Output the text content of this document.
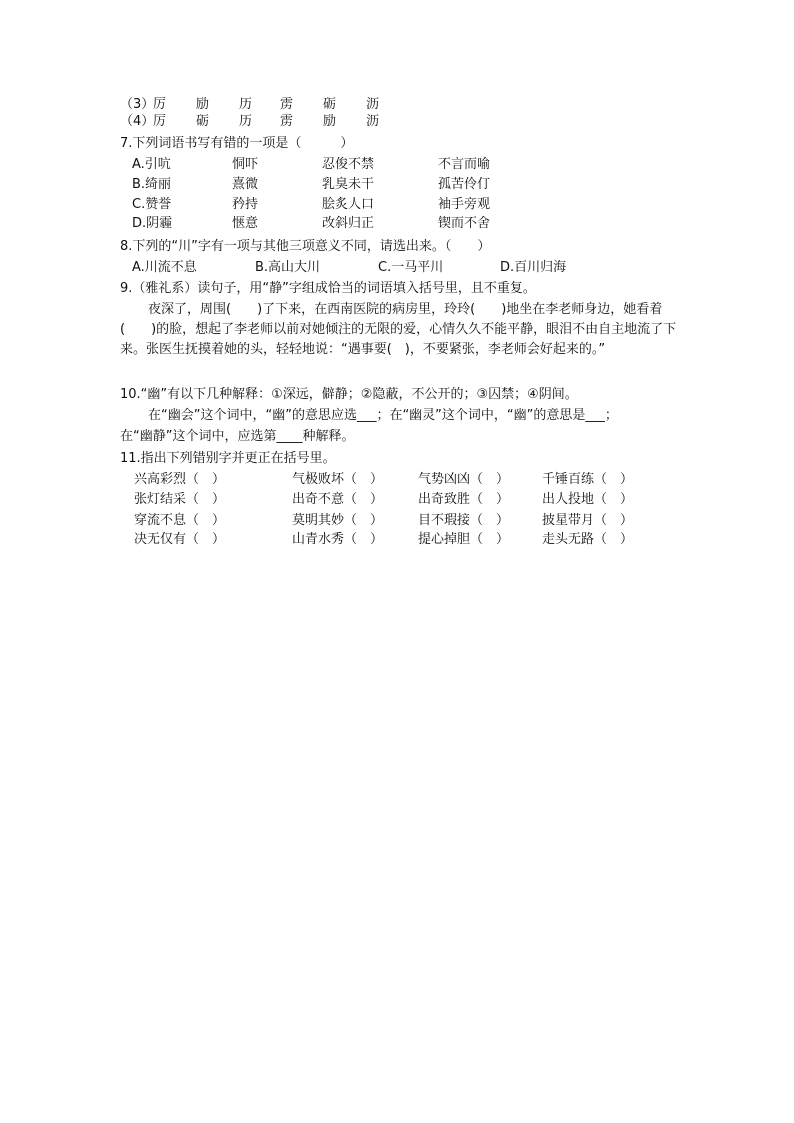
（3）
厉 励 历 雳 砺 沥
（4）
厉 砺 历 雳 励 沥
7.下列词语书写有错的一项是（　　　）
A.引吭	恫吓	忍俊不禁	不言而喻
B.绮丽	熹微	乳臭未干	孤苦伶仃
C.赞誉	矜持	脍炙人口	袖手旁观
D.阴霾	惬意	改斜归正	锲而不舍
8.下列的“川”字有一项与其他三项意义不同，请选出来。（　　）
A.川流不息	B.高山大川	C.一马平川	D.百川归海
9.（雅礼系）读句子，用“静”字组成恰当的词语填入括号里，且不重复。

夜深了，周围(　　)了下来，在西南医院的病房里，玲玲(　　)地坐在李老师身边，她看着(　　)的脸，想起了李老师以前对她倾注的无限的爱，心情久久不能平静，眼泪不由自主地流了下来。张医生抚摸着她的头，轻轻地说：“遇事要(　)，不要紧张，李老师会好起来的。”

10.“幽”有以下几种解释：①深远，僻静；②隐蔽，不公开的；③囚禁；④阴间。
在“幽会”这个词中，“幽”的意思应选___；在“幽灵”这个词中，“幽”的意思是___；
在“幽静”这个词中，应选第____种解释。
11.指出下列错别字并更正在括号里。
兴高彩烈（　）	气极败坏（　）	气势凶凶（　）	千锤百练（　）
张灯结采（　）	出奇不意（　）	出奇致胜（　）	出人投地（　）
穿流不息（　）	莫明其妙（　）	目不瑕接（　）	披星带月（　）
决无仅有（　）	山青水秀（　）	提心掉胆（　）	走头无路（　）
